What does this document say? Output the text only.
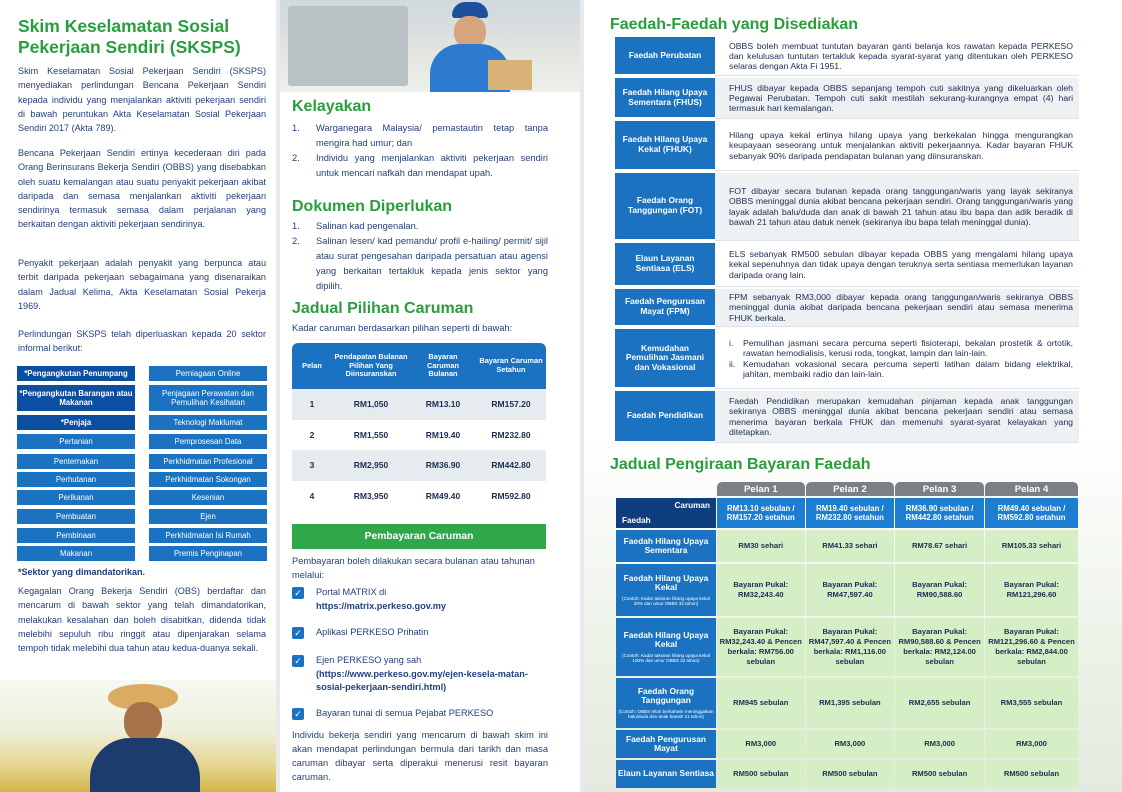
Skim Keselamatan Sosial
Pekerjaan Sendiri (SKSPS)

Skim Keselamatan Sosial Pekerjaan Sendiri (SKSPS) menyediakan perlindungan Bencana Pekerjaan Sendiri kepada individu yang menjalankan aktiviti pekerjaan sendiri di bawah peruntukan Akta Keselamatan Sosial Pekerjaan Sendiri 2017 (Akta 789).

Bencana Pekerjaan Sendiri ertinya kecederaan diri pada Orang Berinsurans Bekerja Sendiri (OBBS) yang disebabkan oleh suatu kemalangan atau suatu penyakit pekerjaan akibat daripada dan semasa menjalankan aktiviti pekerjaan sendirinya termasuk semasa dalam perjalanan yang berkaitan dengan aktiviti pekerjaan sendirinya.

Penyakit pekerjaan adalah penyakit yang berpunca atau terbit daripada pekerjaan sebagaimana yang disenaraikan dalam Jadual Kelima, Akta Keselamatan Sosial Pekerja 1969.

Perlindungan SKSPS telah diperluaskan kepada 20 sektor informal berikut:

*Pengangkutan Penumpang
*Pengangkutan Barangan atau Makanan
*Penjaja
Pertanian
Penternakan
Perhutanan
Perikanan
Pembuatan
Pembinaan
Makanan
Perniagaan Online
Penjagaan Perawatan dan Pemulihan Kesihatan
Teknologi Maklumat
Pemprosesan Data
Perkhidmatan Profesional
Perkhidmatan Sokongan
Kesenian
Ejen
Perkhidmatan Isi Rumah
Premis Penginapan
*Sektor yang dimandatorikan.

Kegagalan Orang Bekerja Sendiri (OBS) berdaftar dan mencarum di bawah sektor yang telah dimandatorikan, melakukan kesalahan dan boleh disabitkan, didenda tidak melebihi sepuluh ribu ringgit atau dipenjarakan selama tempoh tidak melebihi dua tahun atau kedua-duanya sekali.

Kelayakan
1. Warganegara Malaysia/ pemastautin tetap tanpa mengira had umur; dan
2. Individu yang menjalankan aktiviti pekerjaan sendiri untuk mencari nafkah dan mendapat upah.
Dokumen Diperlukan
1. Salinan kad pengenalan.
2. Salinan lesen/ kad pemandu/ profil e-hailing/ permit/ sijil atau surat pengesahan daripada persatuan atau agensi yang berkaitan tertakluk kepada jenis sektor yang dipilih.
Jadual Pilihan Caruman
Kadar caruman berdasarkan pilihan seperti di bawah:
Pelan	Pendapatan Bulanan Pilihan Yang Diinsuranskan	Bayaran Caruman Bulanan	Bayaran Caruman Setahun
1	RM1,050	RM13.10	RM157.20
2	RM1,550	RM19.40	RM232.80
3	RM2,950	RM36.90	RM442.80
4	RM3,950	RM49.40	RM592.80
Pembayaran Caruman

Pembayaran boleh dilakukan secara bulanan atau tahunan melalui:

✓	Portal MATRIX di
https://matrix.perkeso.gov.my
✓	Aplikasi PERKESO Prihatin
✓	Ejen PERKESO yang sah
(https://www.perkeso.gov.my/ejen-kesela-matan-sosial-pekerjaan-sendiri.html)
✓	Bayaran tunai di semua Pejabat PERKESO

Individu bekerja sendiri yang mencarum di bawah skim ini akan mendapat perlindungan bermula dari tarikh dan masa caruman dibayar serta diperakui menerusi resit bayaran caruman.

Faedah-Faedah yang Disediakan
Faedah Perubatan
OBBS boleh membuat tuntutan bayaran ganti belanja kos rawatan kepada PERKESO dan kelulusan tuntutan tertakluk kepada syarat-syarat yang ditentukan oleh PERKESO selaras dengan Akta Fi 1951.
Faedah Hilang Upaya Sementara (FHUS)
FHUS dibayar kepada OBBS sepanjang tempoh cuti sakitnya yang dikeluarkan oleh Pegawai Perubatan. Tempoh cuti sakit mestilah sekurang-kurangnya empat (4) hari termasuk hari kemalangan.
Faedah Hilang Upaya Kekal (FHUK)
Hilang upaya kekal ertinya hilang upaya yang berkekalan hingga mengurangkan keupayaan seseorang untuk menjalankan aktiviti pekerjaannya. Kadar bayaran FHUK sebanyak 90% daripada pendapatan bulanan yang diinsuranskan.
Faedah Orang Tanggungan (FOT)
FOT dibayar secara bulanan kepada orang tanggungan/waris yang layak sekiranya OBBS meninggal dunia akibat bencana pekerjaan sendiri. Orang tanggungan/waris yang layak adalah balu/duda dan anak di bawah 21 tahun atau ibu bapa dan adik beradik di bawah 21 tahun atau datuk nenek (sekiranya ibu bapa telah meninggal dunia).
Elaun Layanan Sentiasa (ELS)
ELS sebanyak RM500 sebulan dibayar kepada OBBS yang mengalami hilang upaya kekal sepenuhnya dan tidak upaya dengan teruknya serta sentiasa memerlukan layanan daripada orang lain.
Faedah Pengurusan Mayat (FPM)
FPM sebanyak RM3,000 dibayar kepada orang tanggungan/waris sekiranya OBBS meninggal dunia akibat daripada bencana pekerjaan sendiri atau semasa menerima FHUK berkala.
Kemudahan Pemulihan Jasmani dan Vokasional
i. Pemulihan jasmani secara percuma seperti fisioterapi, bekalan prostetik & ortotik, rawatan hemodialisis, kerusi roda, tongkat, lampin dan lain-lain.
ii. Kemudahan vokasional secara percuma seperti latihan dalam bidang elektrikal, jahitan, membaiki radio dan lain-lain.
Faedah Pendidikan
Faedah Pendidikan merupakan kemudahan pinjaman kepada anak tanggungan sekiranya OBBS meninggal dunia akibat bencana pekerjaan sendiri atau semasa menerima bayaran berkala FHUK dan memenuhi syarat-syarat kelayakan yang ditetapkan.
Jadual Pengiraan Bayaran Faedah
	Pelan 1	Pelan 2	Pelan 3	Pelan 4

Caruman
Faedah	RM13.10 sebulan / RM157.20 setahun	RM19.40 sebulan / RM232.80 setahun	RM36.90 sebulan / RM442.80 setahun	RM49.40 sebulan / RM592.80 setahun
Faedah Hilang Upaya Sementara	RM30 sehari	RM41.33 sehari	RM78.67 sehari	RM105.33 sehari
Faedah Hilang Upaya Kekal
(Contoh: Kadar taksiran hilang upaya kekal 20% dan umur OBBS 32 tahun)	Bayaran Pukal: RM32,243.40	Bayaran Pukal: RM47,597.40	Bayaran Pukal: RM90,588.60	Bayaran Pukal: RM121,296.60
Faedah Hilang Upaya Kekal
(Contoh: Kadar taksiran hilang upaya kekal 100% dan umur OBBS 32 tahun)	Bayaran Pukal: RM32,243.40 & Pencen berkala: RM756.00 sebulan	Bayaran Pukal: RM47,597.40 & Pencen berkala: RM1,116.00 sebulan	Bayaran Pukal: RM90,588.60 & Pencen berkala: RM2,124.00 sebulan	Bayaran Pukal: RM121,296.60 & Pencen berkala: RM2,844.00 sebulan
Faedah Orang Tanggungan
(Contoh: OBBS telah berkahwin meninggalkan balu/duda dan anak bawah 21 tahun)	RM945 sebulan	RM1,395 sebulan	RM2,655 sebulan	RM3,555 sebulan
Faedah Pengurusan Mayat	RM3,000	RM3,000	RM3,000	RM3,000
Elaun Layanan Sentiasa	RM500 sebulan	RM500 sebulan	RM500 sebulan	RM500 sebulan
